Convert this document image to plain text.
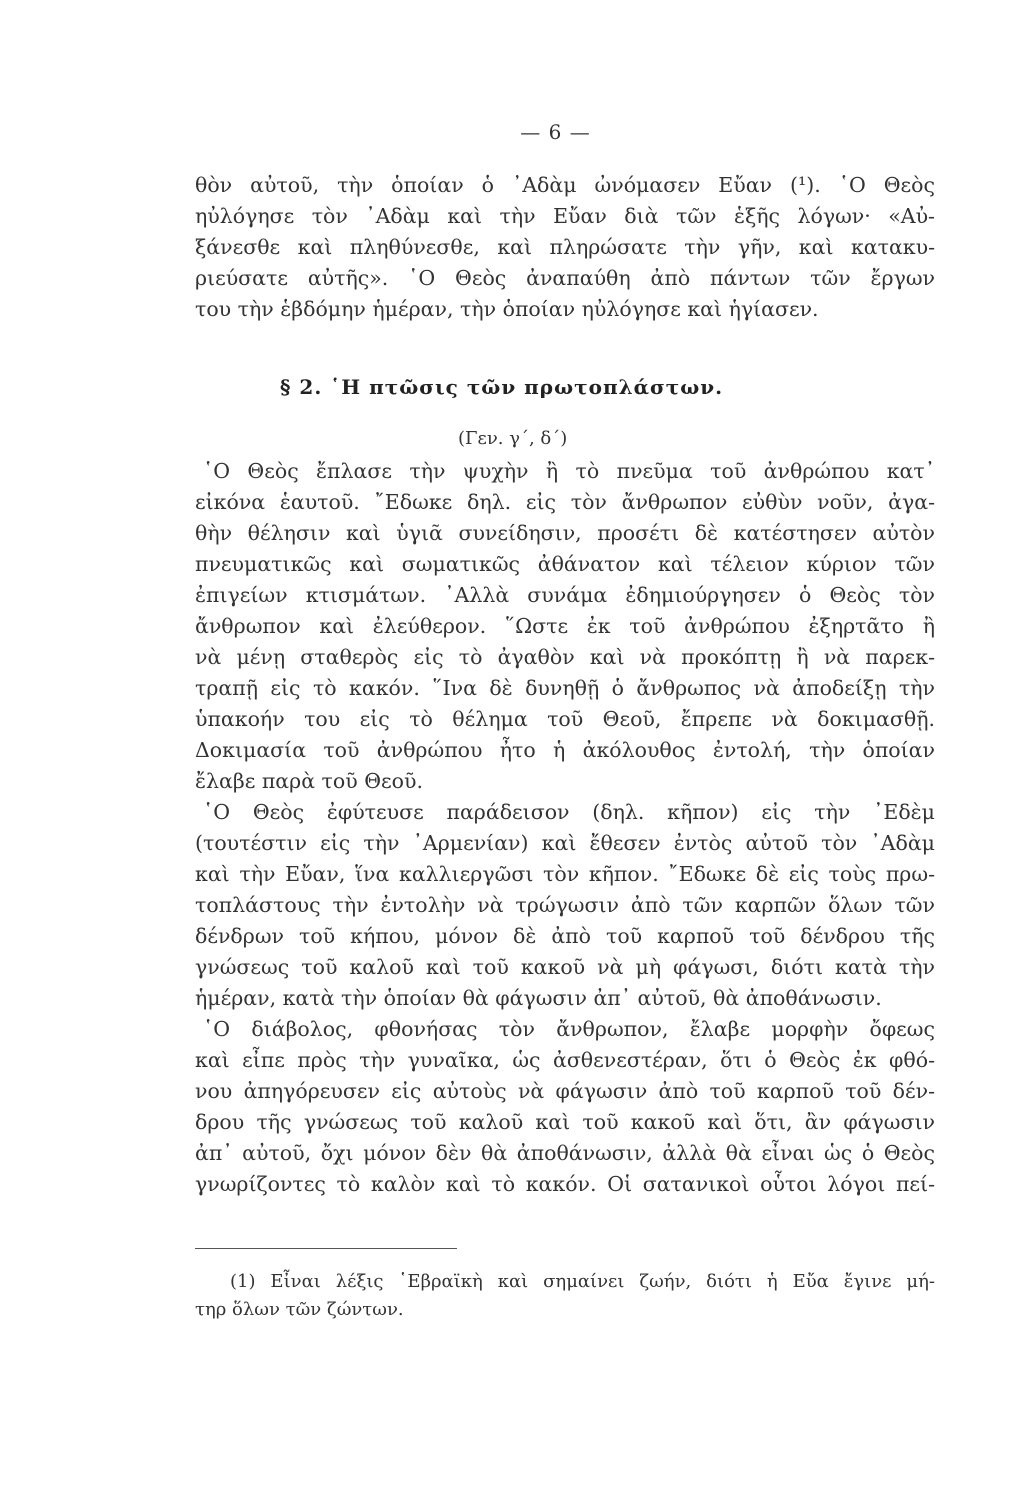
— 6 —
θὸν αὐτοῦ, τὴν ὁποίαν ὁ ᾿Αδὰμ ὠνόμασεν Εὔαν (¹). ῾Ο Θεὸς
ηὐλόγησε τὸν ᾿Αδὰμ καὶ τὴν Εὔαν διὰ τῶν ἑξῆς λόγων· «Αὐ-
ξάνεσθε καὶ πληθύνεσθε, καὶ πληρώσατε τὴν γῆν, καὶ κατακυ-
ριεύσατε αὐτῆς». ῾Ο Θεὸς ἀναπαύθη ἀπὸ πάντων τῶν ἔργων
του τὴν ἑβδόμην ἡμέραν, τὴν ὁποίαν ηὐλόγησε καὶ ἡγίασεν.
§ 2. ῾Η πτῶσις τῶν πρωτοπλάστων.
(Γεν. γ΄, δ΄)
῾Ο Θεὸς ἔπλασε τὴν ψυχὴν ἢ τὸ πνεῦμα τοῦ ἀνθρώπου κατ᾿
εἰκόνα ἑαυτοῦ. ῎Εδωκε δηλ. εἰς τὸν ἄνθρωπον εὐθὺν νοῦν, ἀγα-
θὴν θέλησιν καὶ ὑγιᾶ συνείδησιν, προσέτι δὲ κατέστησεν αὐτὸν
πνευματικῶς καὶ σωματικῶς ἀθάνατον καὶ τέλειον κύριον τῶν
ἐπιγείων κτισμάτων. ᾿Αλλὰ συνάμα ἐδημιούργησεν ὁ Θεὸς τὸν
ἄνθρωπον καὶ ἐλεύθερον. ῞Ωστε ἐκ τοῦ ἀνθρώπου ἐξηρτᾶτο ἢ
νὰ μένῃ σταθερὸς εἰς τὸ ἀγαθὸν καὶ νὰ προκόπτῃ ἢ νὰ παρεκ-
τραπῇ εἰς τὸ κακόν. ῞Ινα δὲ δυνηθῇ ὁ ἄνθρωπος νὰ ἀποδείξῃ τὴν
ὑπακοήν του εἰς τὸ θέλημα τοῦ Θεοῦ, ἔπρεπε νὰ δοκιμασθῇ.
Δοκιμασία τοῦ ἀνθρώπου ἦτο ἡ ἀκόλουθος ἐντολή, τὴν ὁποίαν
ἔλαβε παρὰ τοῦ Θεοῦ.
῾Ο Θεὸς ἐφύτευσε παράδεισον (δηλ. κῆπον) εἰς τὴν ᾿Εδὲμ
(τουτέστιν εἰς τὴν ᾿Αρμενίαν) καὶ ἔθεσεν ἐντὸς αὐτοῦ τὸν ᾿Αδὰμ
καὶ τὴν Εὔαν, ἵνα καλλιεργῶσι τὸν κῆπον. ῎Εδωκε δὲ εἰς τοὺς πρω-
τοπλάστους τὴν ἐντολὴν νὰ τρώγωσιν ἀπὸ τῶν καρπῶν ὅλων τῶν
δένδρων τοῦ κήπου, μόνον δὲ ἀπὸ τοῦ καρποῦ τοῦ δένδρου τῆς
γνώσεως τοῦ καλοῦ καὶ τοῦ κακοῦ νὰ μὴ φάγωσι, διότι κατὰ τὴν
ἡμέραν, κατὰ τὴν ὁποίαν θὰ φάγωσιν ἀπ᾿ αὐτοῦ, θὰ ἀποθάνωσιν.
῾Ο διάβολος, φθονήσας τὸν ἄνθρωπον, ἔλαβε μορφὴν ὄφεως
καὶ εἶπε πρὸς τὴν γυναῖκα, ὡς ἀσθενεστέραν, ὅτι ὁ Θεὸς ἐκ φθό-
νου ἀπηγόρευσεν εἰς αὐτοὺς νὰ φάγωσιν ἀπὸ τοῦ καρποῦ τοῦ δέν-
δρου τῆς γνώσεως τοῦ καλοῦ καὶ τοῦ κακοῦ καὶ ὅτι, ἂν φάγωσιν
ἀπ᾿ αὐτοῦ, ὄχι μόνον δὲν θὰ ἀποθάνωσιν, ἀλλὰ θὰ εἶναι ὡς ὁ Θεὸς
γνωρίζοντες τὸ καλὸν καὶ τὸ κακόν. Οἱ σατανικοὶ οὗτοι λόγοι πεί-
(1) Εἶναι λέξις ῾Εβραϊκὴ καὶ σημαίνει ζωήν, διότι ἡ Εὔα ἔγινε μή-
τηρ ὅλων τῶν ζώντων.
